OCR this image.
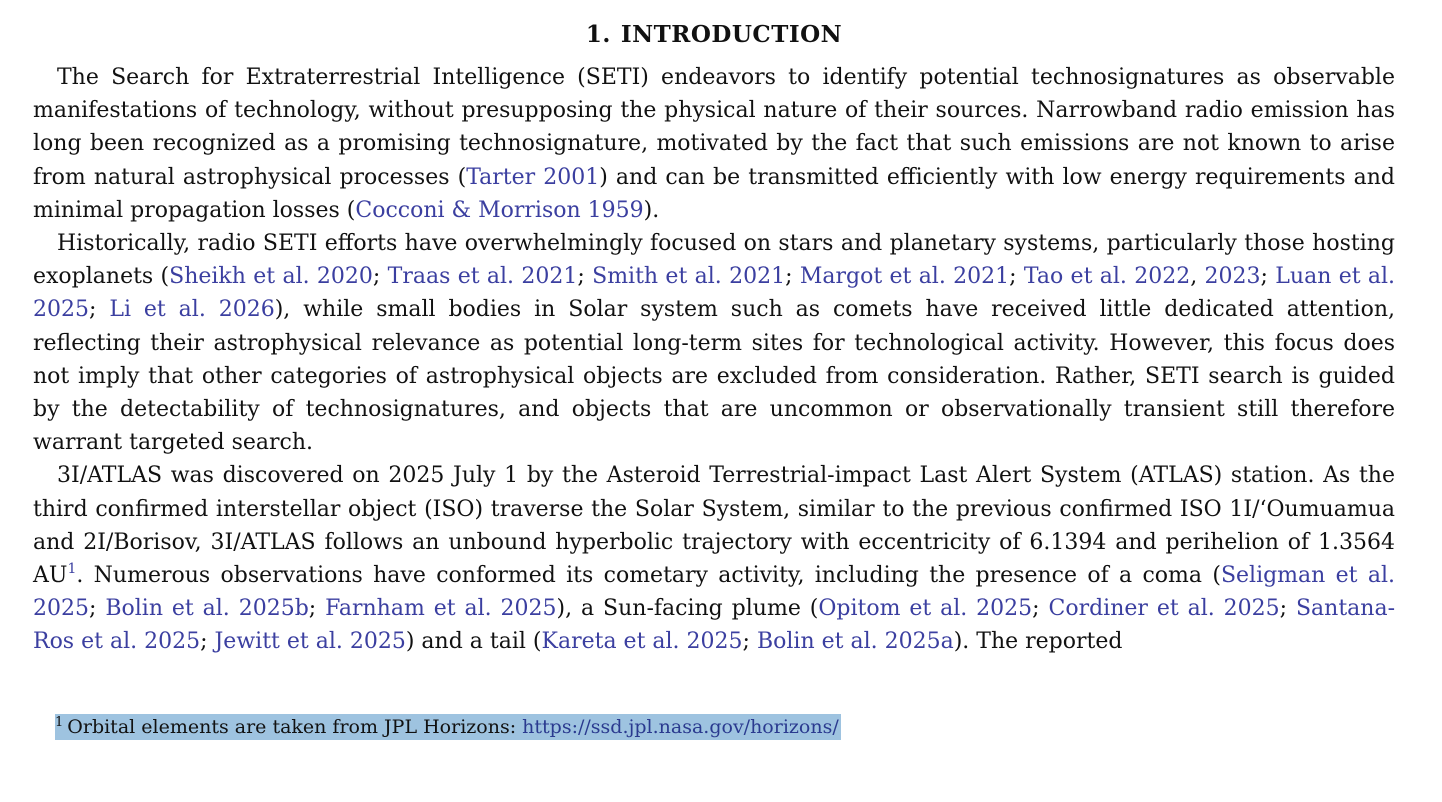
1. INTRODUCTION

The Search for Extraterrestrial Intelligence (SETI) endeavors to identify potential technosignatures as observable manifestations of technology, without presupposing the physical nature of their sources. Narrowband radio emission has long been recognized as a promising technosignature, motivated by the fact that such emissions are not known to arise from natural astrophysical processes (Tarter 2001) and can be transmitted efficiently with low energy requirements and minimal propagation losses (Cocconi & Morrison 1959).

Historically, radio SETI efforts have overwhelmingly focused on stars and planetary systems, particularly those hosting exoplanets (Sheikh et al. 2020; Traas et al. 2021; Smith et al. 2021; Margot et al. 2021; Tao et al. 2022, 2023; Luan et al. 2025; Li et al. 2026), while small bodies in Solar system such as comets have received little dedicated attention, reflecting their astrophysical relevance as potential long-term sites for technological activity. However, this focus does not imply that other categories of astrophysical objects are excluded from consideration. Rather, SETI search is guided by the detectability of technosignatures, and objects that are uncommon or observationally transient still therefore warrant targeted search.

3I/ATLAS was discovered on 2025 July 1 by the Asteroid Terrestrial-impact Last Alert System (ATLAS) station. As the third confirmed interstellar object (ISO) traverse the Solar System, similar to the previous confirmed ISO 1I/‘Oumuamua and 2I/Borisov, 3I/ATLAS follows an unbound hyperbolic trajectory with eccentricity of 6.1394 and perihelion of 1.3564 AU$^1$. Numerous observations have conformed its cometary activity, including the presence of a coma (Seligman et al. 2025; Bolin et al. 2025b; Farnham et al. 2025), a Sun-facing plume (Opitom et al. 2025; Cordiner et al. 2025; Santana-Ros et al. 2025; Jewitt et al. 2025) and a tail (Kareta et al. 2025; Bolin et al. 2025a). The reported

$^1$ Orbital elements are taken from JPL Horizons: https://ssd.jpl.nasa.gov/horizons/
